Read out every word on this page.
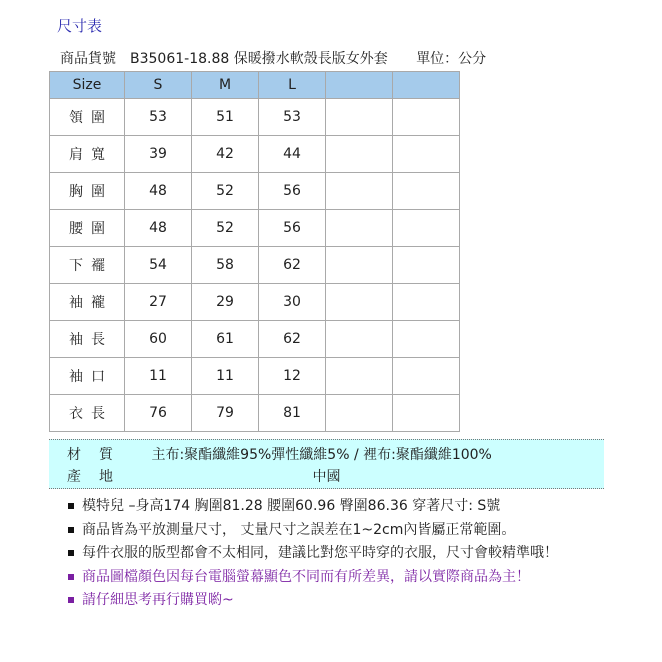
尺寸表
商品貨號　B35061-18.88 保暖撥水軟殼長版女外套 單位：公分
Size	S	M	L		
領圍	53	51	53		
肩寬	39	42	44		
胸圍	48	52	56		
腰圍	48	52	56		
下襬	54	58	62		
袖襱	27	29	30		
袖長	60	61	62		
袖口	11	11	12		
衣長	76	79	81		
材質 主布:聚酯纖維95%彈性纖維5% / 裡布:聚酯纖維100%
產地	中國
模特兒 –身高174 胸圍81.28 腰圍60.96 臀圍86.36 穿著尺寸: S號
商品皆為平放測量尺寸， 丈量尺寸之誤差在1~2cm內皆屬正常範圍。
每件衣服的版型都會不太相同，建議比對您平時穿的衣服，尺寸會較精準哦！
商品圖檔顏色因每台電腦螢幕顯色不同而有所差異，請以實際商品為主！
請仔細思考再行購買喲~
